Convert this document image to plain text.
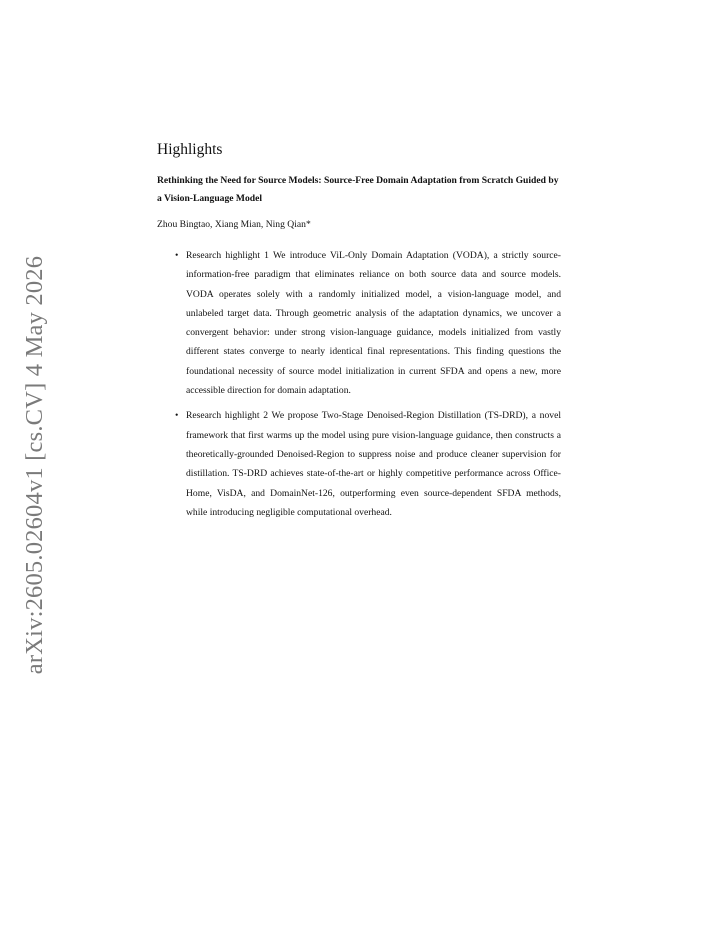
arXiv:2605.02604v1 [cs.CV] 4 May 2026
Highlights
Rethinking the Need for Source Models: Source-Free Domain Adaptation from Scratch Guided by a Vision-Language Model
Zhou Bingtao, Xiang Mian, Ning Qian*
• Research highlight 1 We introduce ViL-Only Domain Adaptation (VODA), a strictly source-information-free paradigm that eliminates reliance on both source data and source models. VODA operates solely with a randomly initialized model, a vision-language model, and unlabeled target data. Through geometric analysis of the adaptation dynamics, we uncover a convergent behavior: under strong vision-language guidance, models initialized from vastly different states converge to nearly identical final representations. This finding questions the foundational necessity of source model initialization in current SFDA and opens a new, more accessible direction for domain adaptation.
• Research highlight 2 We propose Two-Stage Denoised-Region Distillation (TS-DRD), a novel framework that first warms up the model using pure vision-language guidance, then constructs a theoretically-grounded Denoised-Region to suppress noise and produce cleaner supervision for distillation. TS-DRD achieves state-of-the-art or highly competitive performance across Office-Home, VisDA, and DomainNet-126, outperforming even source-dependent SFDA methods, while introducing negligible computational overhead.
